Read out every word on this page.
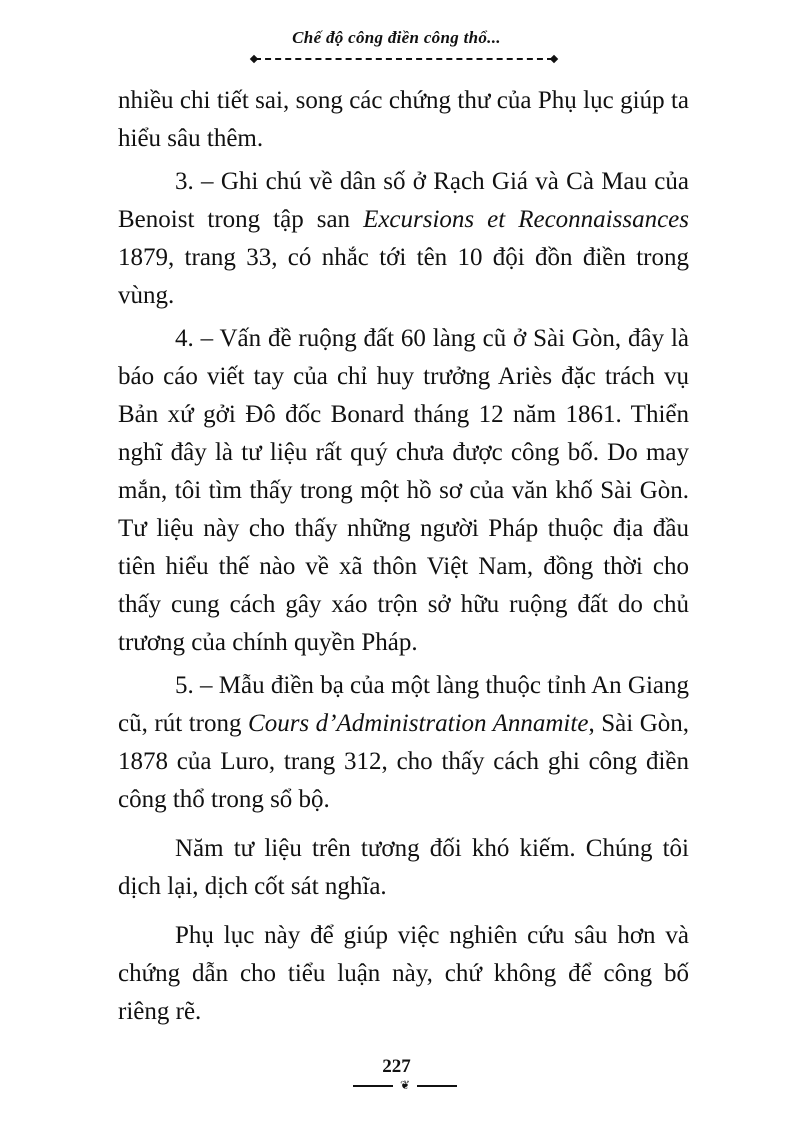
Chế độ công điền công thổ...

nhiều chi tiết sai, song các chứng thư của Phụ lục giúp ta hiểu sâu thêm.

3. – Ghi chú về dân số ở Rạch Giá và Cà Mau của Benoist trong tập san Excursions et Reconnaissances 1879, trang 33, có nhắc tới tên 10 đội đồn điền trong vùng.

4. – Vấn đề ruộng đất 60 làng cũ ở Sài Gòn, đây là báo cáo viết tay của chỉ huy trưởng Ariès đặc trách vụ Bản xứ gởi Đô đốc Bonard tháng 12 năm 1861. Thiển nghĩ đây là tư liệu rất quý chưa được công bố. Do may mắn, tôi tìm thấy trong một hồ sơ của văn khố Sài Gòn. Tư liệu này cho thấy những người Pháp thuộc địa đầu tiên hiểu thế nào về xã thôn Việt Nam, đồng thời cho thấy cung cách gây xáo trộn sở hữu ruộng đất do chủ trương của chính quyền Pháp.

5. – Mẫu điền bạ của một làng thuộc tỉnh An Giang cũ, rút trong Cours d’Administration Annamite, Sài Gòn, 1878 của Luro, trang 312, cho thấy cách ghi công điền công thổ trong sổ bộ.

Năm tư liệu trên tương đối khó kiếm. Chúng tôi dịch lại, dịch cốt sát nghĩa.

Phụ lục này để giúp việc nghiên cứu sâu hơn và chứng dẫn cho tiểu luận này, chứ không để công bố riêng rẽ.

227
❦
